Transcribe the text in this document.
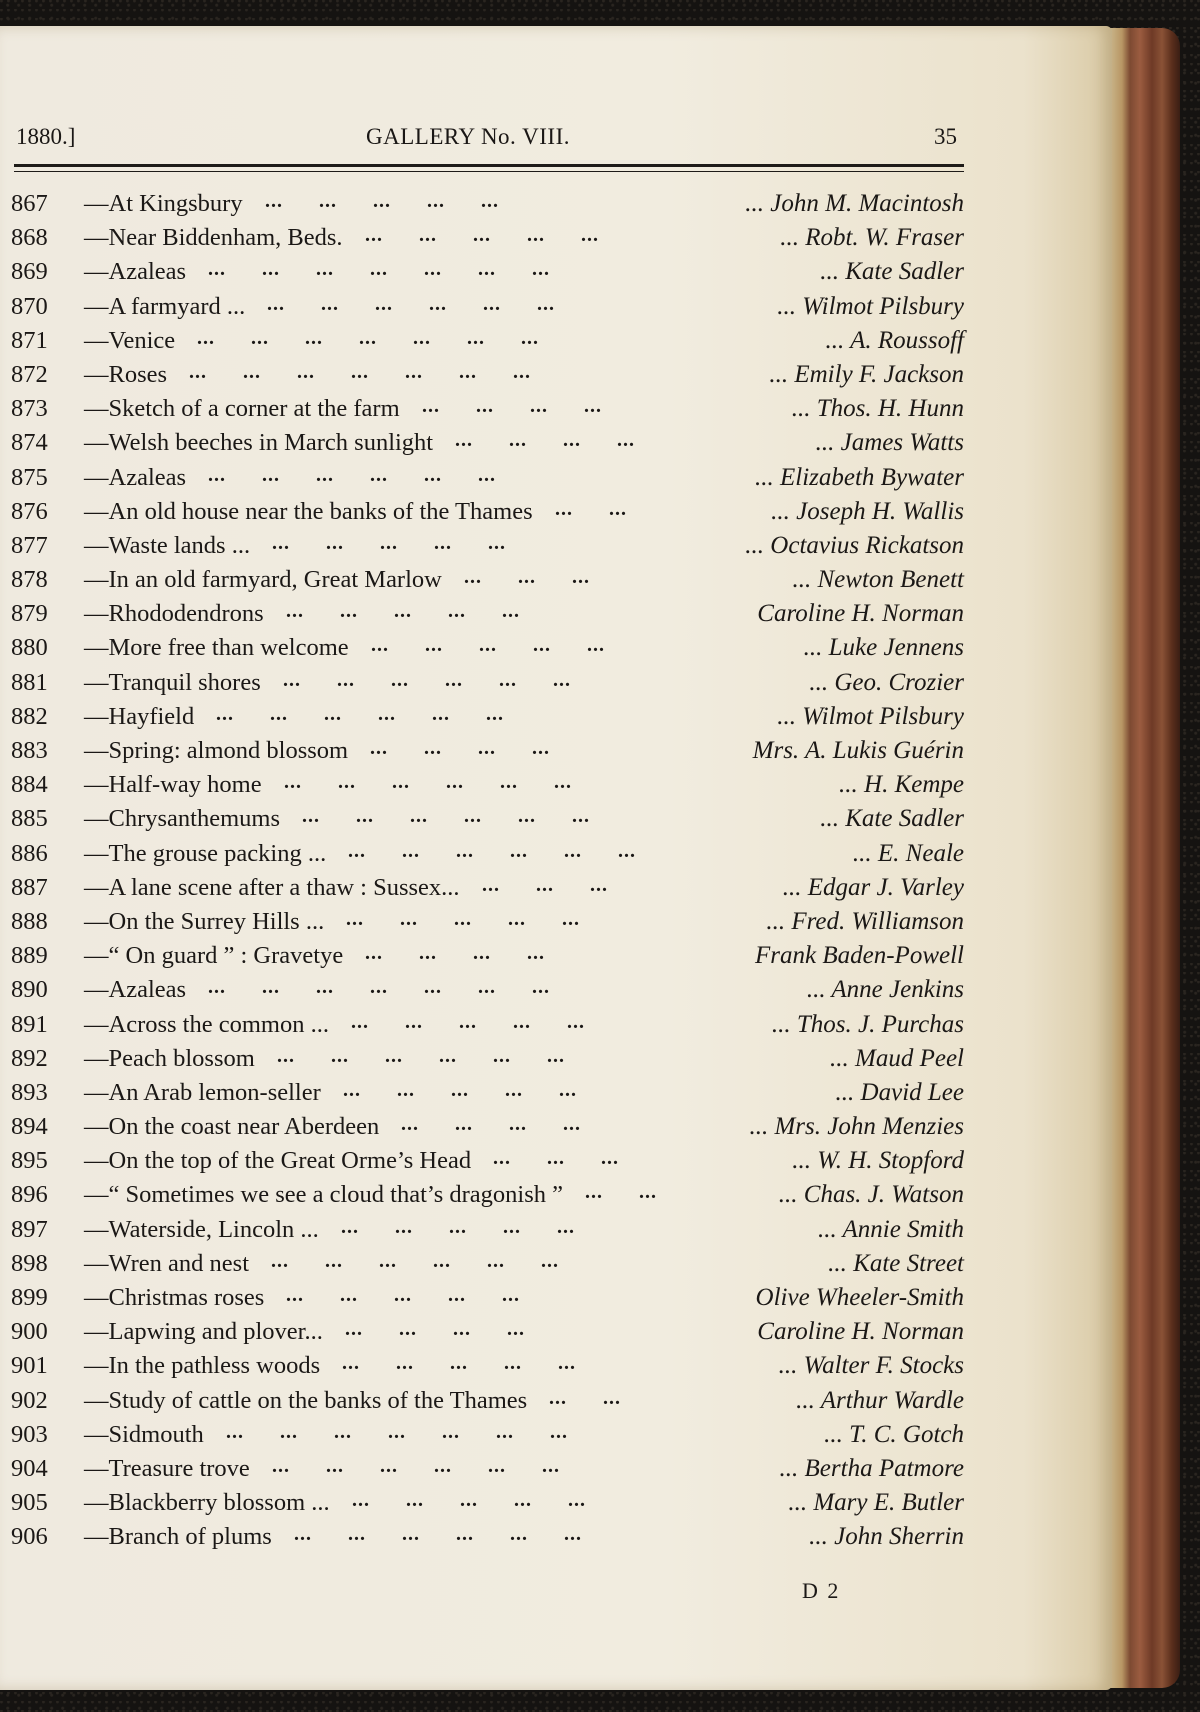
1880.]	GALLERY No. VIII.	35
867 —At Kingsbury	... John M. Macintosh
...      ...      ...      ...      ...
868 —Near Biddenham, Beds.	... Robt. W. Fraser
...      ...      ...      ...      ...
869 —Azaleas	... Kate Sadler
...      ...      ...      ...      ...      ...      ...
870 —A farmyard ...	... Wilmot Pilsbury
...      ...      ...      ...      ...      ...
871 —Venice	... A. Roussoff
...      ...      ...      ...      ...      ...      ...
872 —Roses	... Emily F. Jackson
...      ...      ...      ...      ...      ...      ...
873 —Sketch of a corner at the farm	... Thos. H. Hunn
...      ...      ...      ...
874 —Welsh beeches in March sunlight	... James Watts
...      ...      ...      ...
875 —Azaleas	... Elizabeth Bywater
...      ...      ...      ...      ...      ...
876 —An old house near the banks of the Thames	... Joseph H. Wallis
...      ...
877 —Waste lands ...	... Octavius Rickatson
...      ...      ...      ...      ...
878 —In an old farmyard, Great Marlow	... Newton Benett
...      ...      ...
879 —Rhododendrons	Caroline H. Norman
...      ...      ...      ...      ...
880 —More free than welcome	... Luke Jennens
...      ...      ...      ...      ...
881 —Tranquil shores	... Geo. Crozier
...      ...      ...      ...      ...      ...
882 —Hayfield	... Wilmot Pilsbury
...      ...      ...      ...      ...      ...
883 —Spring: almond blossom	Mrs. A. Lukis Guérin
...      ...      ...      ...
884 —Half-way home	... H. Kempe
...      ...      ...      ...      ...      ...
885 —Chrysanthemums	... Kate Sadler
...      ...      ...      ...      ...      ...
886 —The grouse packing ...	... E. Neale
...      ...      ...      ...      ...      ...
887 —A lane scene after a thaw : Sussex...	... Edgar J. Varley
...      ...      ...
888 —On the Surrey Hills ...	... Fred. Williamson
...      ...      ...      ...      ...
889 —“ On guard ” : Gravetye	Frank Baden-Powell
...      ...      ...      ...
890 —Azaleas	... Anne Jenkins
...      ...      ...      ...      ...      ...      ...
891 —Across the common ...	... Thos. J. Purchas
...      ...      ...      ...      ...
892 —Peach blossom	... Maud Peel
...      ...      ...      ...      ...      ...
893 —An Arab lemon-seller	... David Lee
...      ...      ...      ...      ...
894 —On the coast near Aberdeen	... Mrs. John Menzies
...      ...      ...      ...
895 —On the top of the Great Orme’s Head	... W. H. Stopford
...      ...      ...
896 —“ Sometimes we see a cloud that’s dragonish ”	... Chas. J. Watson
...      ...
897 —Waterside, Lincoln ...	... Annie Smith
...      ...      ...      ...      ...
898 —Wren and nest	... Kate Street
...      ...      ...      ...      ...      ...
899 —Christmas roses	Olive Wheeler-Smith
...      ...      ...      ...      ...
900 —Lapwing and plover...	Caroline H. Norman
...      ...      ...      ...
901 —In the pathless woods	... Walter F. Stocks
...      ...      ...      ...      ...
902 —Study of cattle on the banks of the Thames	... Arthur Wardle
...      ...
903 —Sidmouth	... T. C. Gotch
...      ...      ...      ...      ...      ...      ...
904 —Treasure trove	... Bertha Patmore
...      ...      ...      ...      ...      ...
905 —Blackberry blossom ...	... Mary E. Butler
...      ...      ...      ...      ...
906 —Branch of plums	... John Sherrin
...      ...      ...      ...      ...      ...
D 2
